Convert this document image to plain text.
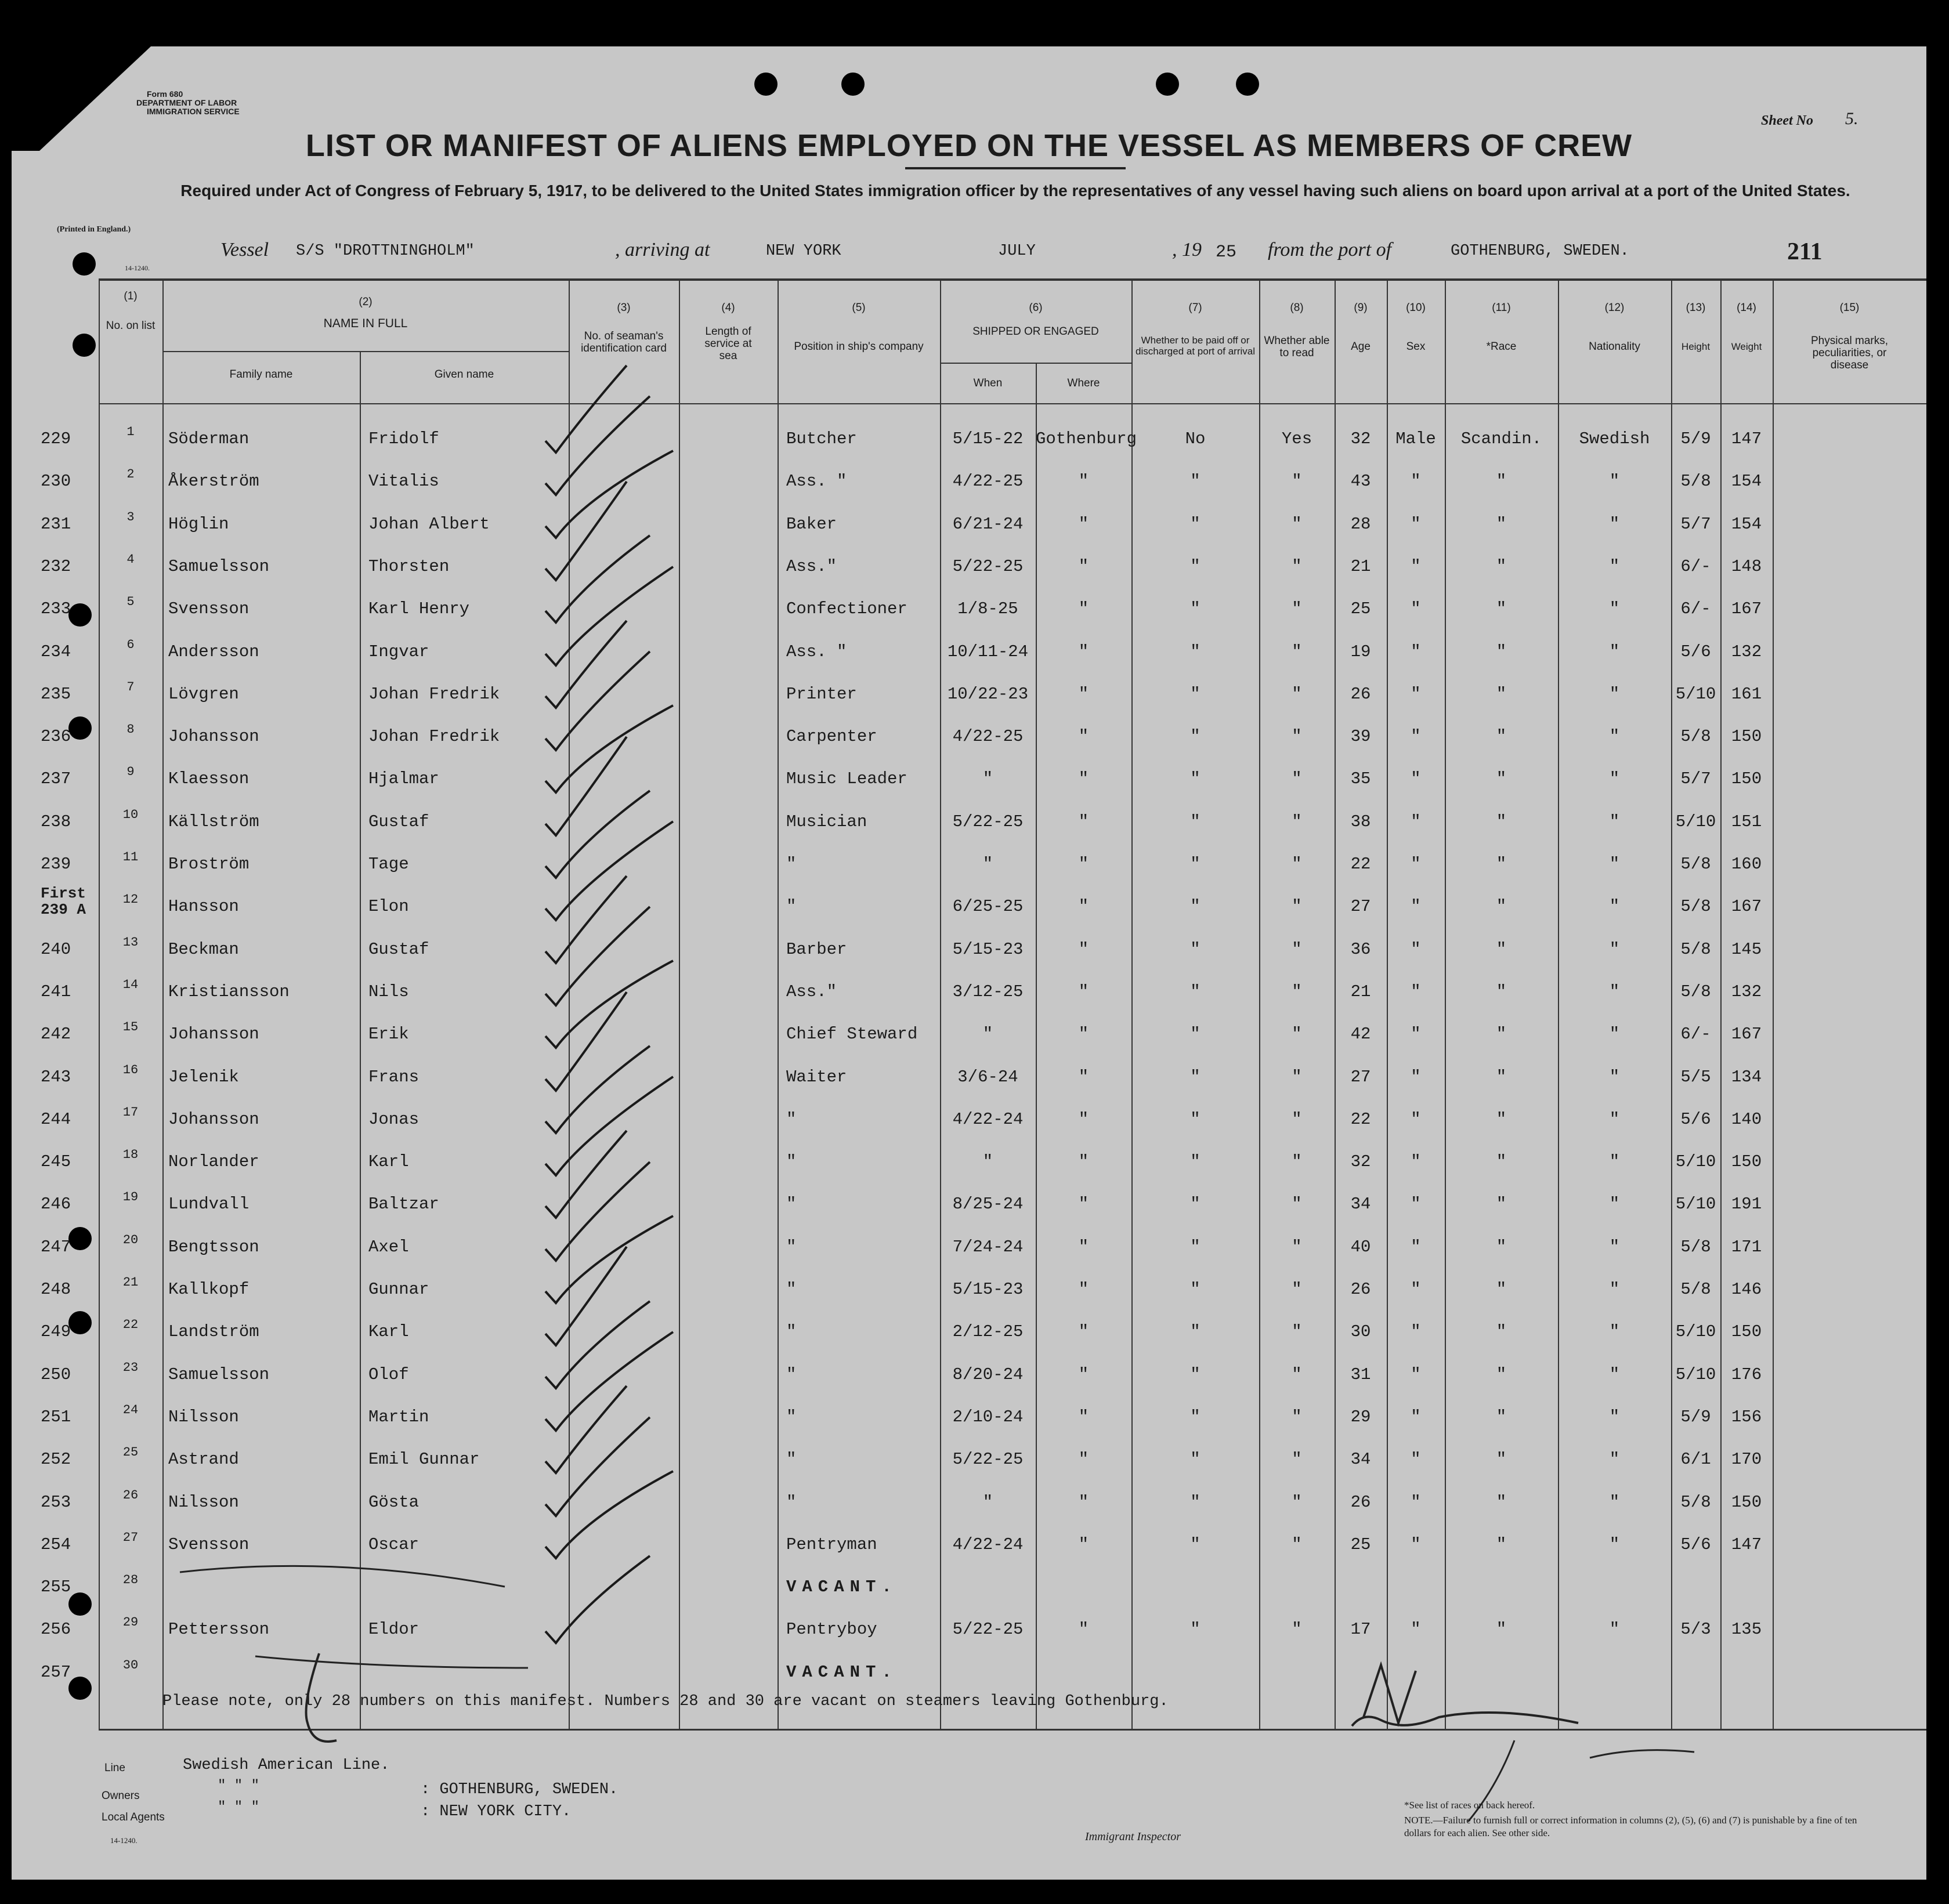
Form 680
DEPARTMENT OF LABOR
IMMIGRATION SERVICE
(Printed in England.)
14-1240.
Sheet No 5.
LIST OR MANIFEST OF ALIENS EMPLOYED ON THE VESSEL AS MEMBERS OF CREW
Required under Act of Congress of February 5, 1917, to be delivered to the United States immigration officer by the representatives of any vessel having such aliens on board upon arrival at a port of the United States.
Vessel S/S "DROTTNINGHOLM"	, arriving at	NEW YORK	JULY	, 19 25 from the port of	GOTHENBURG, SWEDEN.	211
(1)
No. on list
(2)
NAME IN FULL
Family name	Given name
(3)
No. of seaman's identification card
(4)
Length of service at sea
(5)
Position in ship's company
(6)
SHIPPED OR ENGAGED
When	Where
(7)
Whether to be paid off or discharged at port of arrival
(8)
Whether able to read
(9)
Age
(10)
Sex
(11)
*Race
(12)
Nationality
(13)
Height
(14)
Weight
(15)
Physical marks, peculiarities, or disease
229	1	Söderman	Fridolf	Butcher	5/15-22 Gothenburg	No	Yes	32	Male	Scandin.	Swedish	5/9	147
230	2	Åkerström	Vitalis	Ass. "	4/22-25	"	"	"	43	"	"	"	5/8	154
231	3	Höglin	Johan Albert	Baker	6/21-24	"	"	"	28	"	"	"	5/7	154
232	4	Samuelsson	Thorsten	Ass."	5/22-25	"	"	"	21	"	"	"	6/-	148
233	5	Svensson	Karl Henry	Confectioner	1/8-25	"	"	"	25	"	"	"	6/-	167
234	6	Andersson	Ingvar	Ass. "	10/11-24	"	"	"	19	"	"	"	5/6	132
235	7	Lövgren	Johan Fredrik	Printer	10/22-23	"	"	"	26	"	"	"	5/10 161
236	8	Johansson	Johan Fredrik	Carpenter	4/22-25	"	"	"	39	"	"	"	5/8	150
237	9	Klaesson	Hjalmar	Music Leader	"	"	"	"	35	"	"	"	5/7	150
238	10	Källström	Gustaf	Musician	5/22-25	"	"	"	38	"	"	"	5/10 151
239	11	Broström	Tage	"	"	"	"	"	22	"	"	"	5/8	160
First 239 A
12	Hansson	Elon	"	6/25-25	"	"	"	27	"	"	"	5/8	167
240	13	Beckman	Gustaf	Barber	5/15-23	"	"	"	36	"	"	"	5/8	145
241	14	Kristiansson	Nils	Ass."	3/12-25	"	"	"	21	"	"	"	5/8	132
242	15	Johansson	Erik	Chief Steward	"	"	"	"	42	"	"	"	6/-	167
243	16	Jelenik	Frans	Waiter	3/6-24	"	"	"	27	"	"	"	5/5	134
244	17	Johansson	Jonas	"	4/22-24	"	"	"	22	"	"	"	5/6	140
245	18	Norlander	Karl	"	"	"	"	"	32	"	"	"	5/10 150
246	19	Lundvall	Baltzar	"	8/25-24	"	"	"	34	"	"	"	5/10 191
247	20	Bengtsson	Axel	"	7/24-24	"	"	"	40	"	"	"	5/8	171
248	21	Kallkopf	Gunnar	"	5/15-23	"	"	"	26	"	"	"	5/8	146
249	22	Landström	Karl	"	2/12-25	"	"	"	30	"	"	"	5/10 150
250	23	Samuelsson	Olof	"	8/20-24	"	"	"	31	"	"	"	5/10 176
251	24	Nilsson	Martin	"	2/10-24	"	"	"	29	"	"	"	5/9	156
252	25	Astrand	Emil Gunnar	"	5/22-25	"	"	"	34	"	"	"	6/1	170
253	26	Nilsson	Gösta	"	"	"	"	"	26	"	"	"	5/8	150
254	27	Svensson	Oscar	Pentryman	4/22-24	"	"	"	25	"	"	"	5/6	147
255	28	VACANT.
256	29	Pettersson	Eldor	Pentryboy	5/22-25	"	"	"	17	"	"	"	5/3	135
257	30	VACANT.
Please note, only 28 numbers on this manifest. Numbers 28 and 30 are vacant on steamers leaving Gothenburg.
Line	Swedish American Line.
Owners
" " "	: GOTHENBURG, SWEDEN.
Local Agents
" " "	: NEW YORK CITY.
14-1240.	Immigrant Inspector
*See list of races on back hereof.
NOTE.—Failure to furnish full or correct information in columns (2), (5), (6) and (7) is punishable by a fine of ten dollars for each alien. See other side.
